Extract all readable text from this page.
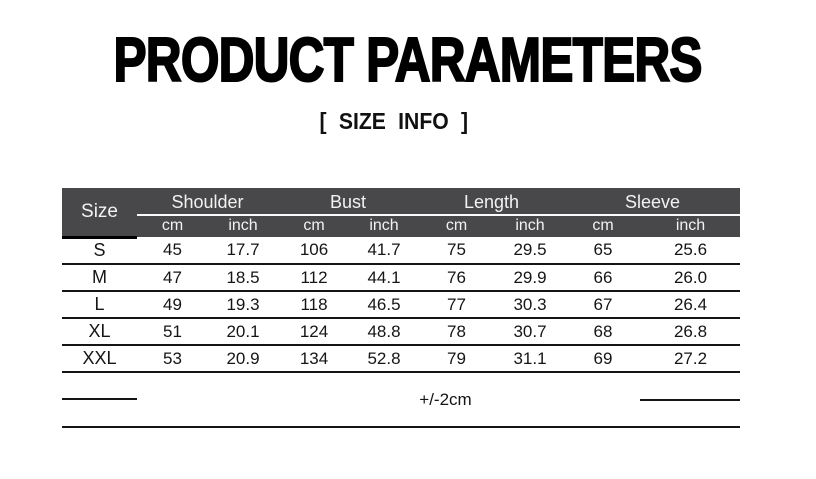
PRODUCT PARAMETERS
[ SIZE INFO ]
Size	Shoulder		Bust		Length		Sleeve	
	cm	inch	cm	inch	cm	inch	cm	inch
S	45	17.7	106	41.7	75	29.5	65	25.6
M	47	18.5	112	44.1	76	29.9	66	26.0
L	49	19.3	118	46.5	77	30.3	67	26.4
XL	51	20.1	124	48.8	78	30.7	68	26.8
XXL	53	20.9	134	52.8	79	31.1	69	27.2
	+/-2cm							
